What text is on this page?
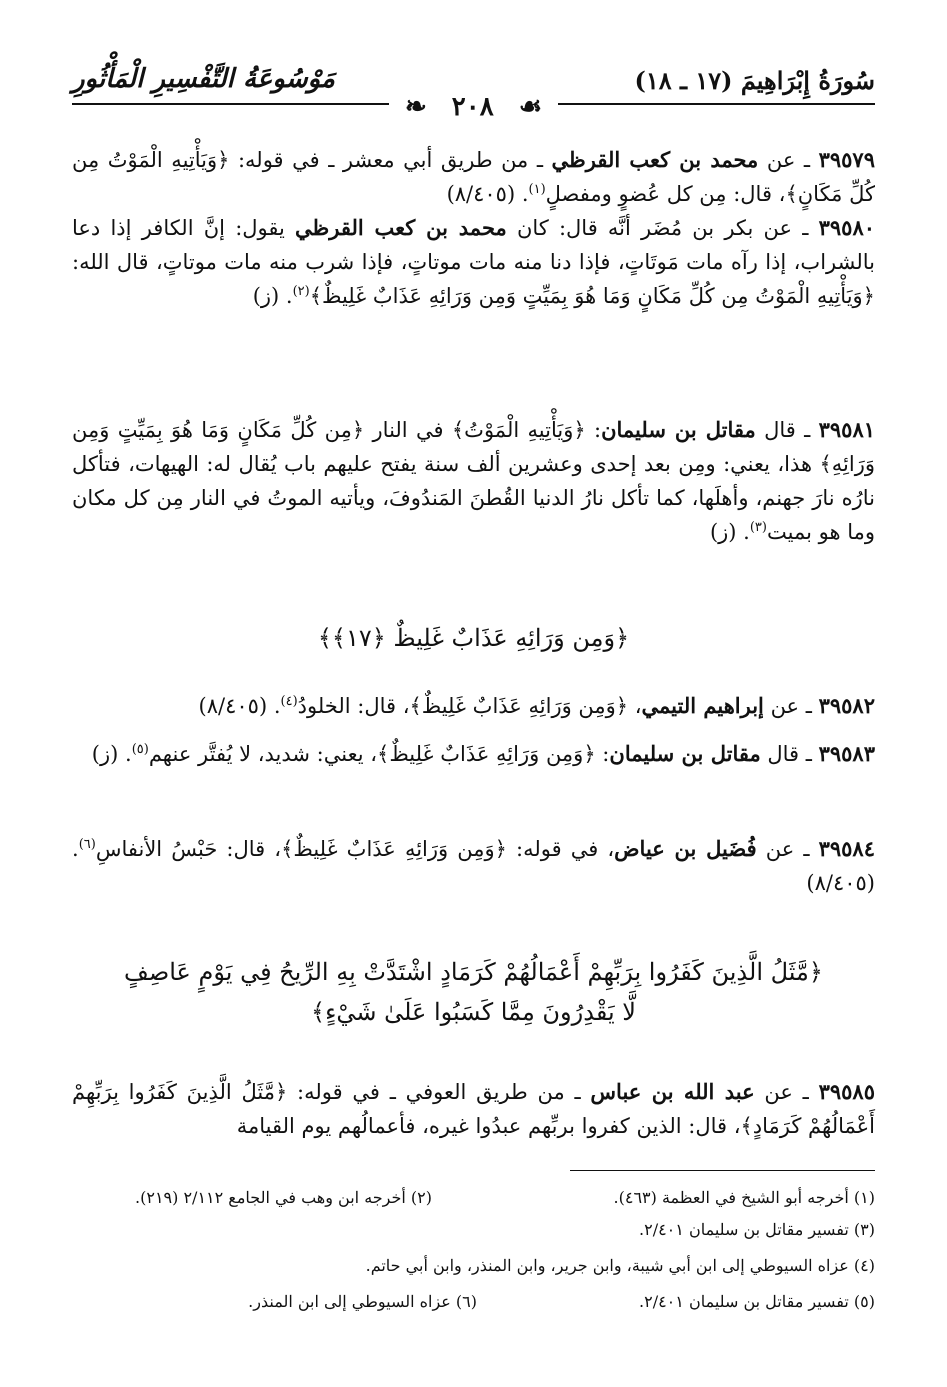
سُورَةُ إِبْرَاهِيمَ (١٧ ـ ١٨)
مَوْسُوعَةُ التَّفْسِيرِ الْمَأْثُورِ
❧ ٢٠٨ ☙
٣٩٥٧٩ ـ عن محمد بن كعب القرظي ـ من طريق أبي معشر ـ في قوله: ﴿وَيَأْتِيهِ الْمَوْتُ مِن كُلِّ مَكَانٍ﴾، قال: مِن كل عُضوٍ ومفصلٍ$^{(١)}$. (٨/٤٠٥)
٣٩٥٨٠ ـ عن بكر بن مُضَر أنَّه قال: كان محمد بن كعب القرظي يقول: إنَّ الكافر إذا دعا بالشراب، إذا رآه مات مَوتَاتٍ، فإذا دنا منه مات موتاتٍ، فإذا شرب منه مات موتاتٍ، قال الله: ﴿وَيَأْتِيهِ الْمَوْتُ مِن كُلِّ مَكَانٍ وَمَا هُوَ بِمَيِّتٍ وَمِن وَرَائِهِ عَذَابٌ غَلِيظٌ﴾$^{(٢)}$. (ز)
٣٩٥٨١ ـ قال مقاتل بن سليمان: ﴿وَيَأْتِيهِ الْمَوْتُ﴾ في النار ﴿مِن كُلِّ مَكَانٍ وَمَا هُوَ بِمَيِّتٍ وَمِن وَرَائِهِ﴾ هذا، يعني: ومِن بعد إحدى وعشرين ألف سنة يفتح عليهم باب يُقال له: الهيهات، فتأكل نارُه نارَ جهنم، وأهلَها، كما تأكل نارُ الدنيا القُطنَ المَندُوفَ، ويأتيه الموتُ في النار مِن كل مكان وما هو بميت$^{(٣)}$. (ز)
﴿وَمِن وَرَائِهِ عَذَابٌ غَلِيظٌ ﴿١٧﴾﴾
٣٩٥٨٢ ـ عن إبراهيم التيمي، ﴿وَمِن وَرَائِهِ عَذَابٌ غَلِيظٌ﴾، قال: الخلودُ$^{(٤)}$. (٨/٤٠٥)
٣٩٥٨٣ ـ قال مقاتل بن سليمان: ﴿وَمِن وَرَائِهِ عَذَابٌ غَلِيظٌ﴾، يعني: شديد، لا يُفتَّر عنهم$^{(٥)}$. (ز)
٣٩٥٨٤ ـ عن فُضَيل بن عياض، في قوله: ﴿وَمِن وَرَائِهِ عَذَابٌ غَلِيظٌ﴾، قال: حَبْسُ الأنفاسِ$^{(٦)}$. (٨/٤٠٥)
﴿مَّثَلُ الَّذِينَ كَفَرُوا بِرَبِّهِمْ أَعْمَالُهُمْ كَرَمَادٍ اشْتَدَّتْ بِهِ الرِّيحُ فِي يَوْمٍ عَاصِفٍ
لَّا يَقْدِرُونَ مِمَّا كَسَبُوا عَلَىٰ شَيْءٍ﴾
٣٩٥٨٥ ـ عن عبد الله بن عباس ـ من طريق العوفي ـ في قوله: ﴿مَّثَلُ الَّذِينَ كَفَرُوا بِرَبِّهِمْ أَعْمَالُهُمْ كَرَمَادٍ﴾، قال: الذين كفروا بربِّهم عبدُوا غيره، فأعمالُهم يوم القيامة
(١) أخرجه أبو الشيخ في العظمة (٤٦٣).
(٢) أخرجه ابن وهب في الجامع ٢/١١٢ (٢١٩).
(٣) تفسير مقاتل بن سليمان ٢/٤٠١.
(٤) عزاه السيوطي إلى ابن أبي شيبة، وابن جرير، وابن المنذر، وابن أبي حاتم.
(٥) تفسير مقاتل بن سليمان ٢/٤٠١.
(٦) عزاه السيوطي إلى ابن المنذر.
